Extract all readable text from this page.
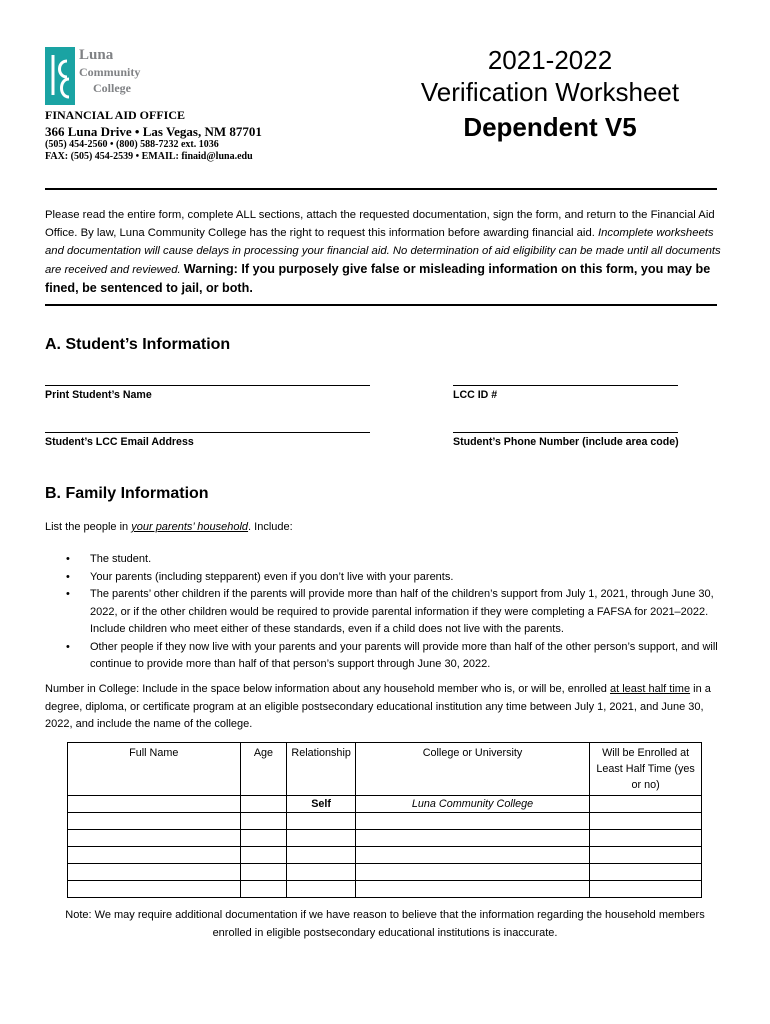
Luna
Community
College
FINANCIAL AID OFFICE
366 Luna Drive • Las Vegas, NM 87701
(505) 454-2560 • (800) 588-7232 ext. 1036
FAX: (505) 454-2539 • EMAIL: finaid@luna.edu
2021-2022
Verification Worksheet
Dependent V5
Please read the entire form, complete ALL sections, attach the requested documentation, sign the form, and return to the Financial Aid Office. By law, Luna Community College has the right to request this information before awarding financial aid. Incomplete worksheets and documentation will cause delays in processing your financial aid. No determination of aid eligibility can be made until all documents are received and reviewed. Warning: If you purposely give false or misleading information on this form, you may be fined, be sentenced to jail, or both.
A. Student’s Information
Print Student’s Name	LCC ID #
Student’s LCC Email Address	Student’s Phone Number (include area code)
B. Family Information
List the people in your parents’ household. Include:
• The student.
• Your parents (including stepparent) even if you don’t live with your parents.
• The parents’ other children if the parents will provide more than half of the children’s support from July 1, 2021, through June 30, 2022, or if the other children would be required to provide parental information if they were completing a FAFSA for 2021–2022. Include children who meet either of these standards, even if a child does not live with the parents.
• Other people if they now live with your parents and your parents will provide more than half of the other person’s support, and will continue to provide more than half of that person’s support through June 30, 2022.
Number in College: Include in the space below information about any household member who is, or will be, enrolled at least half time in a degree, diploma, or certificate program at an eligible postsecondary educational institution any time between July 1, 2021, and June 30, 2022, and include the name of the college.
Full Name	Age	Relationship	College or University	Will be Enrolled at Least Half Time (yes or no)
		Self	Luna Community College	

Note: We may require additional documentation if we have reason to believe that the information regarding the household members enrolled in eligible postsecondary educational institutions is inaccurate.
